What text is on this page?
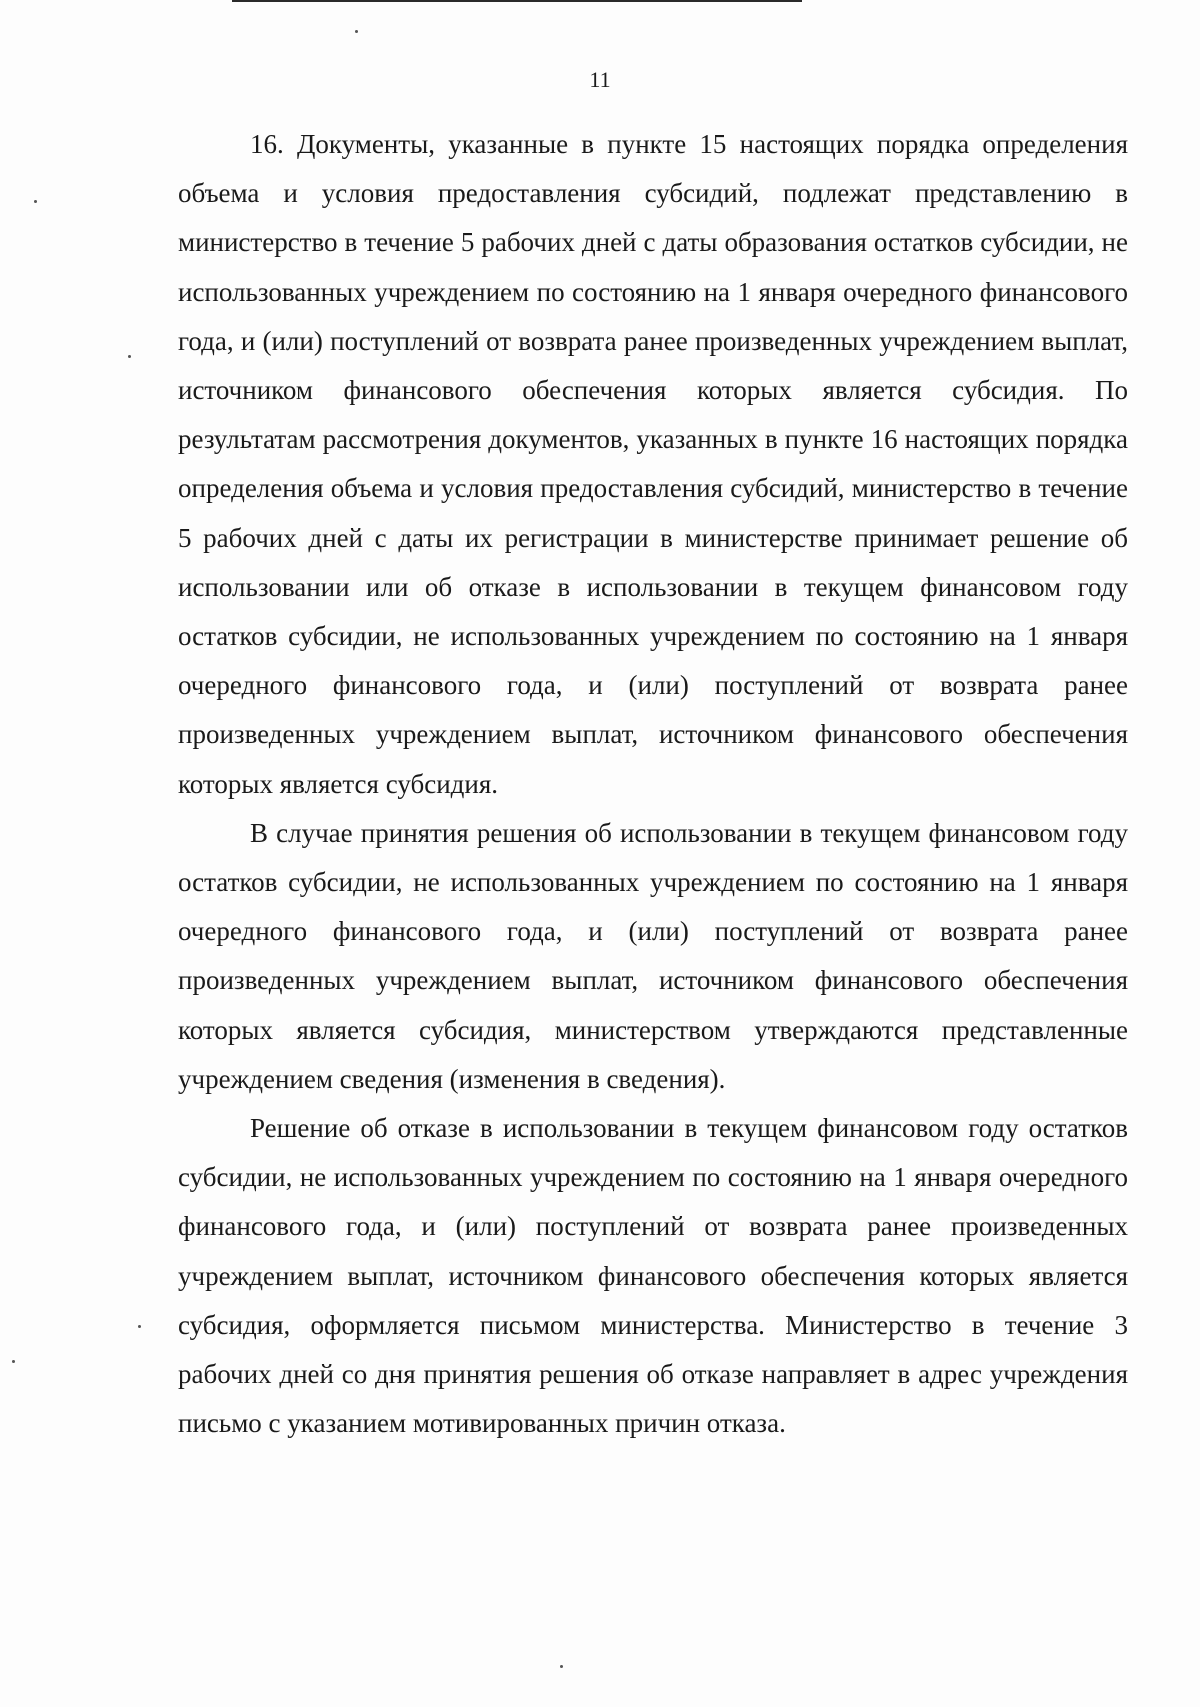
11

16. Документы, указанные в пункте 15 настоящих порядка определения объема и условия предоставления субсидий, подлежат представлению в министерство в течение 5 рабочих дней с даты образования остатков субсидии, не использованных учреждением по состоянию на 1 января очередного финансового года, и (или) поступлений от возврата ранее произведенных учреждением выплат, источником финансового обеспечения которых является субсидия. По результатам рассмотрения документов, указанных в пункте 16 настоящих порядка определения объема и условия предоставления субсидий, министерство в течение 5 рабочих дней с даты их регистрации в министерстве принимает решение об использовании или об отказе в использовании в текущем финансовом году остатков субсидии, не использованных учреждением по состоянию на 1 января очередного финансового года, и (или) поступлений от возврата ранее произведенных учреждением выплат, источником финансового обеспечения которых является субсидия.

В случае принятия решения об использовании в текущем финансовом году остатков субсидии, не использованных учреждением по состоянию на 1 января очередного финансового года, и (или) поступлений от возврата ранее произведенных учреждением выплат, источником финансового обеспечения которых является субсидия, министерством утверждаются представленные учреждением сведения (изменения в сведения).

Решение об отказе в использовании в текущем финансовом году остатков субсидии, не использованных учреждением по состоянию на 1 января очередного финансового года, и (или) поступлений от возврата ранее произведенных учреждением выплат, источником финансового обеспечения которых является субсидия, оформляется письмом министерства. Министерство в течение 3 рабочих дней со дня принятия решения об отказе направляет в адрес учреждения письмо с указанием мотивированных причин отказа.
